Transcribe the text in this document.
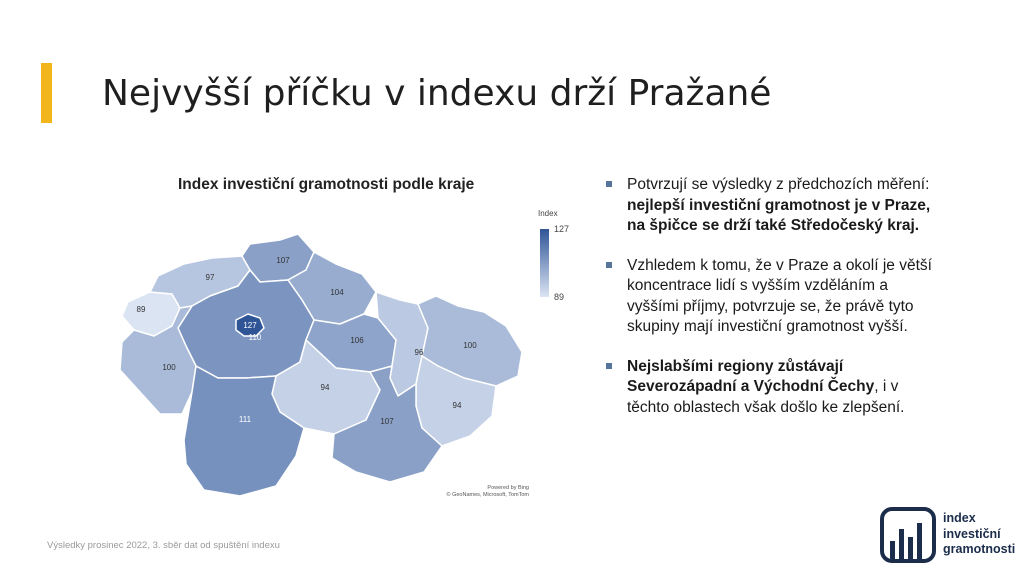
Nejvyšší příčku v indexu drží Pražané
Index investiční gramotnosti podle kraje
89
97
107
104
110
100
106
96
100
94
94
111	107
127
Index
127
89
Powered by Bing
© GeoNames, Microsoft, TomTom
Potvrzují se výsledky z předchozích měření: nejlepší investiční gramotnost je v Praze, na špičce se drží také Středočeský kraj.
Vzhledem k tomu, že v Praze a okolí je větší koncentrace lidí s vyšším vzděláním a vyššími příjmy, potvrzuje se, že právě tyto skupiny mají investiční gramotnost vyšší.
Nejslabšími regiony zůstávají Severozápadní a Východní Čechy, i v těchto oblastech však došlo ke zlepšení.
Výsledky prosinec 2022, 3. sběr dat od spuštění indexu
index
investiční
gramotnosti
